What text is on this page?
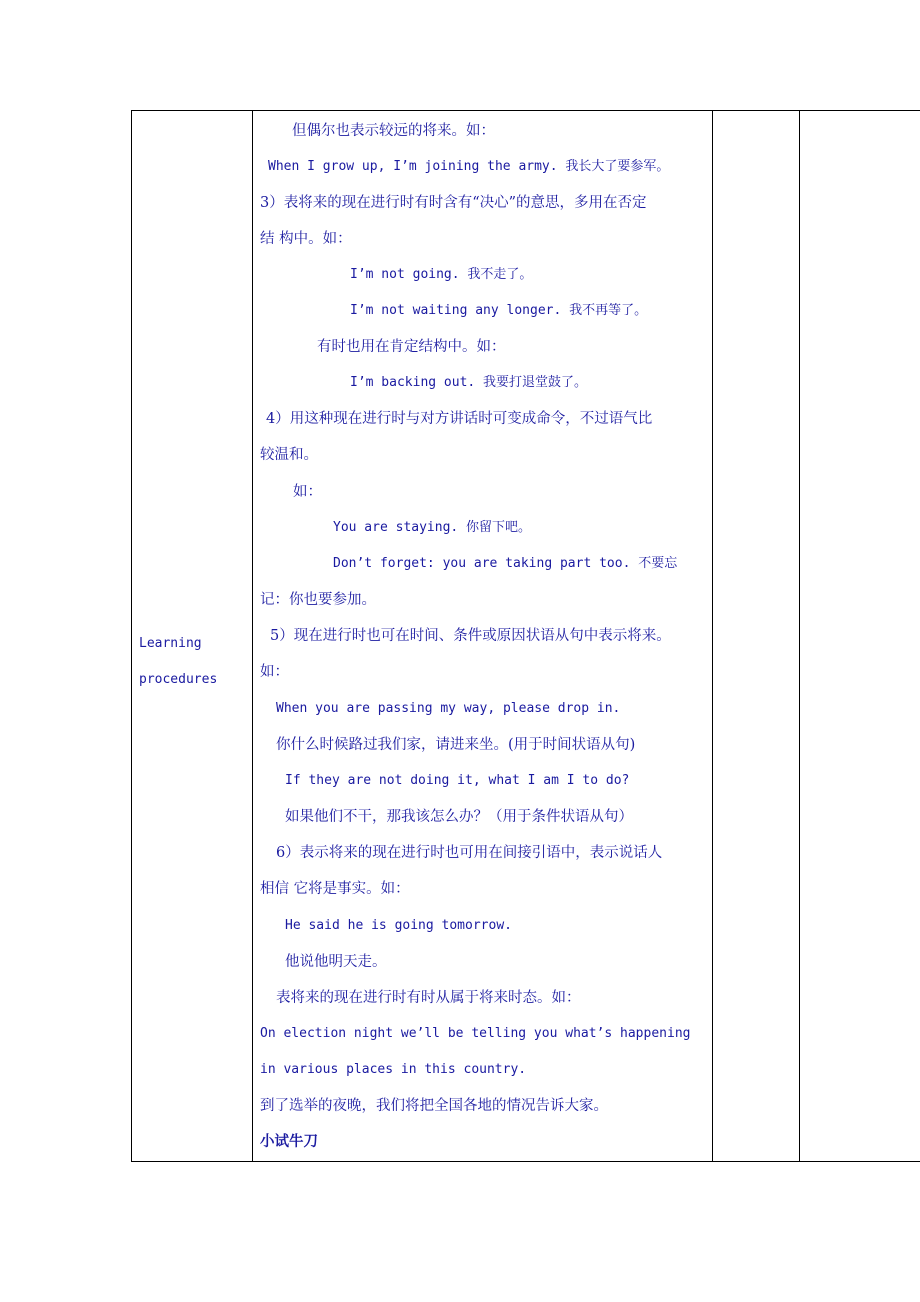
Learning
procedures
但偶尔也表示较远的将来。如：
When I grow up, I’m joining the army. 我长大了要参军。
3）表将来的现在进行时有时含有“决心”的意思，多用在否定
结 构中。如：
I’m not going. 我不走了。
I’m not waiting any longer. 我不再等了。
有时也用在肯定结构中。如：
I’m backing out. 我要打退堂鼓了。
4）用这种现在进行时与对方讲话时可变成命令，不过语气比
较温和。
如：
You are staying. 你留下吧。
Don’t forget: you are taking part too. 不要忘
记：你也要参加。
5）现在进行时也可在时间、条件或原因状语从句中表示将来。
如：
When you are passing my way, please drop in.
你什么时候路过我们家，请进来坐。(用于时间状语从句)
If they are not doing it, what I am I to do?
如果他们不干，那我该怎么办？（用于条件状语从句）
6）表示将来的现在进行时也可用在间接引语中，表示说话人
相信 它将是事实。如：
He said he is going tomorrow.
他说他明天走。
表将来的现在进行时有时从属于将来时态。如：
On election night we’ll be telling you what’s happening
in various places in this country.
到了选举的夜晚，我们将把全国各地的情况告诉大家。
小试牛刀
